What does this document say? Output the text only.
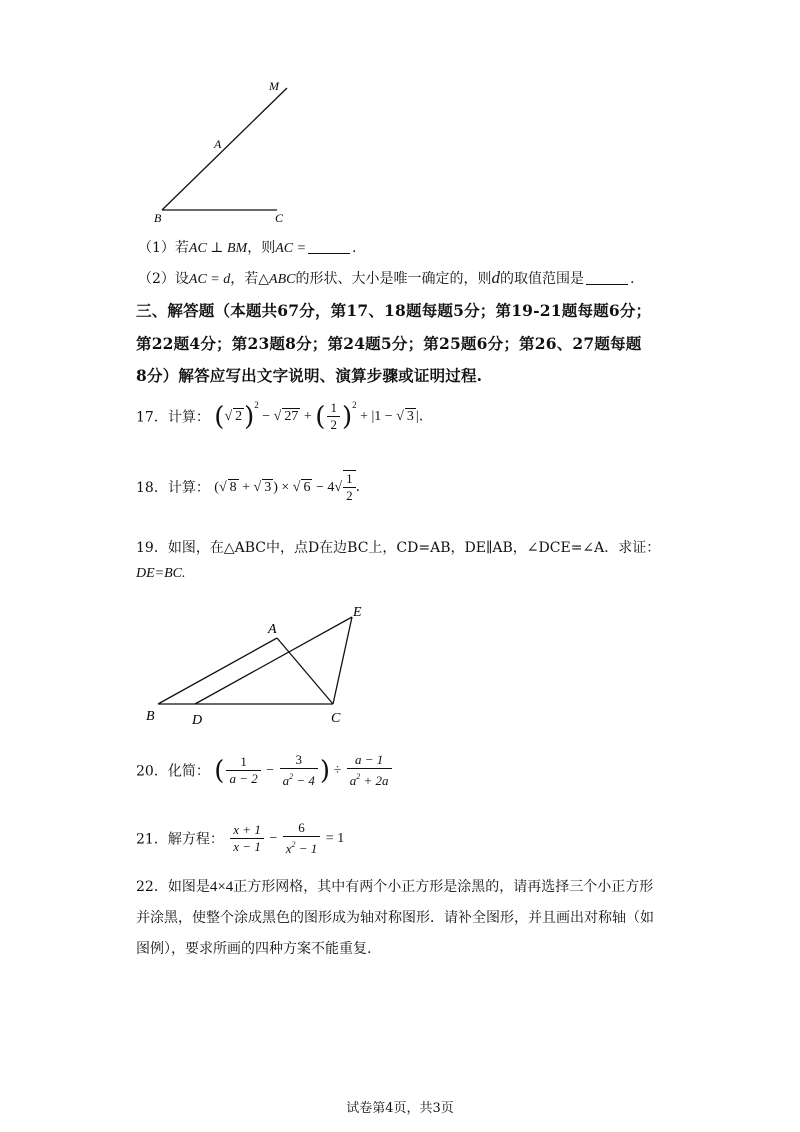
M
A
B	C
（1）若AC ⊥ BM，则AC =	.
（2）设AC = d，若△ABC的形状、大小是唯一确定的，则d的取值范围是	.
三、解答题（本题共67分，第17、18题每题5分；第19-21题每题6分；
第22题4分；第23题8分；第24题5分；第25题6分；第26、27题每题
8分）解答应写出文字说明、演算步骤或证明过程.
17．计算： (√ 2)$^2$ − √ 27 + ( $\frac{1}{2} )^2 + |1$ − √ 3 |.
18．计算： (√ 8 + √ 3 ) × √ $6 - 4√ \frac{1}{2}$ .
19．如图，在△ABC中，点D在边BC上，CD=AB，DE∥AB，∠DCE=∠A．求证：
DE=BC.
A
B	C
D
E
20．化简： ( $\frac{1}{a - 2} - \frac{3}{a^2 - 4}$ ) ÷ $\frac{a - 1}{a^2 + 2a}$
21．解方程： $\frac{x + 1}{x - 1} - \frac{6}{x^2 - 1} = 1$
22．如图是4×4正方形网格，其中有两个小正方形是涂黑的，请再选择三个小正方形
并涂黑，使整个涂成黑色的图形成为轴对称图形．请补全图形，并且画出对称轴（如
图例），要求所画的四种方案不能重复.
试卷第4页，共3页
